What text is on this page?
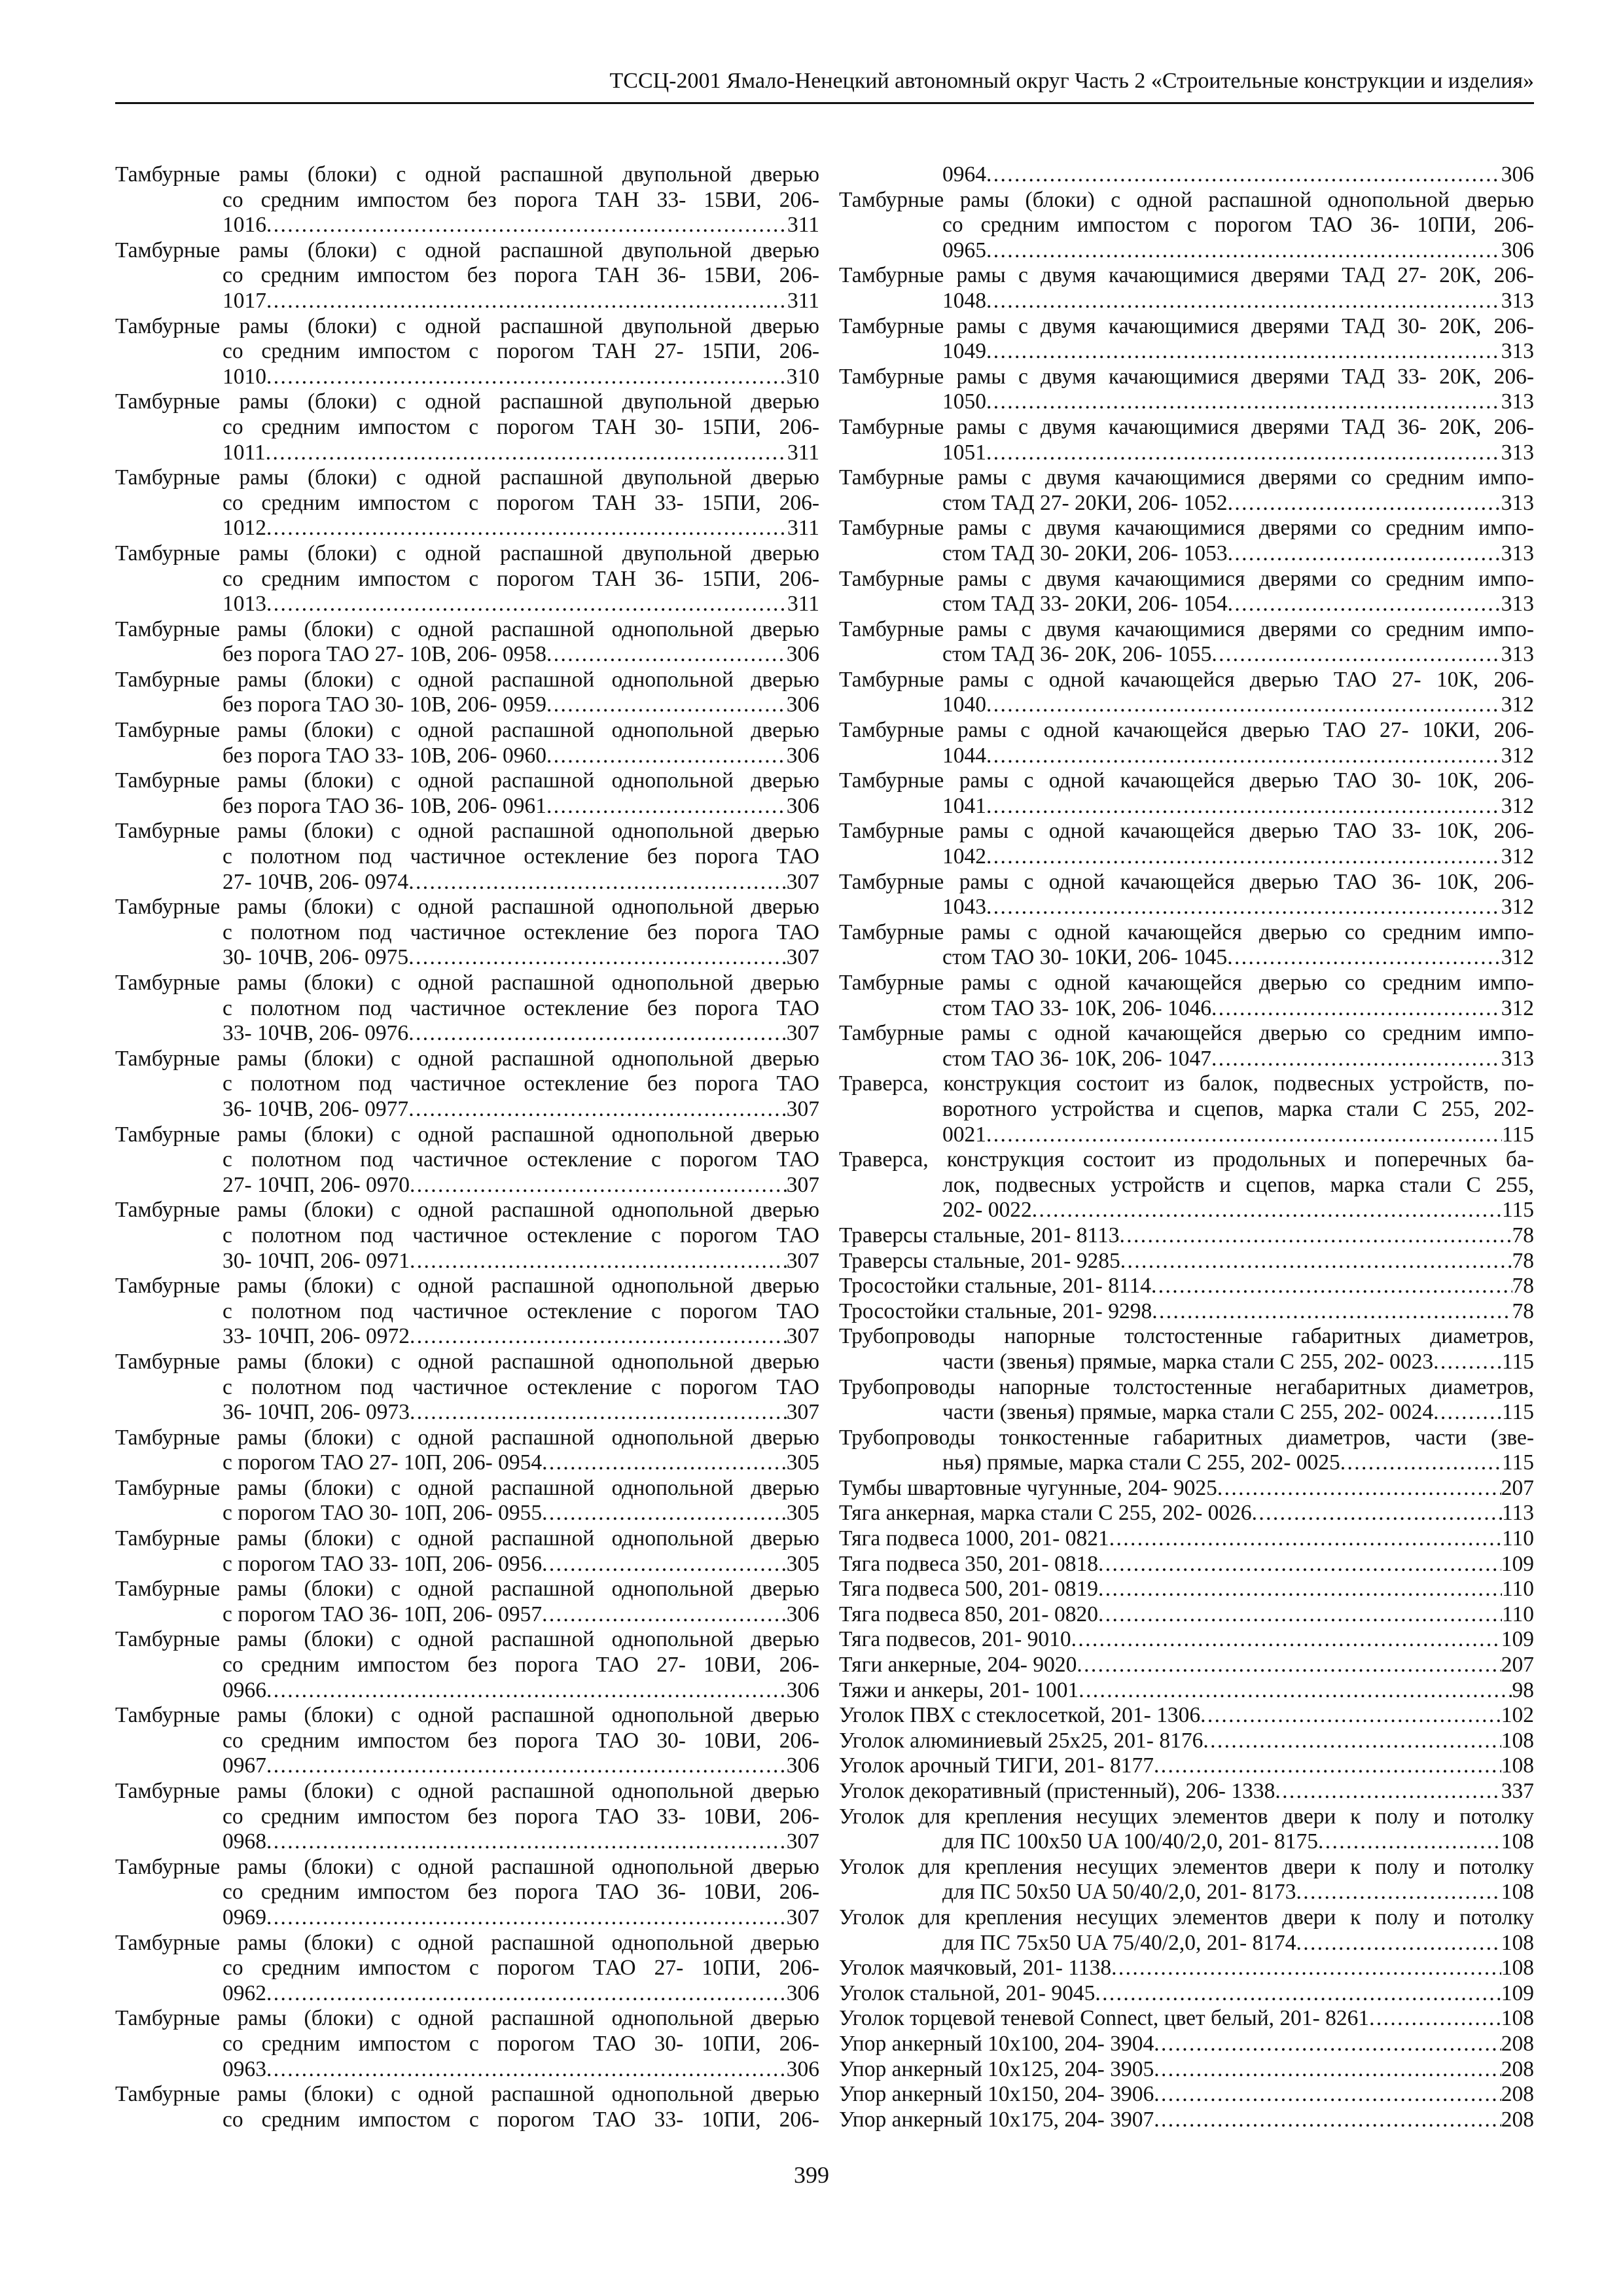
ТССЦ-2001 Ямало-Ненецкий автономный округ Часть 2 «Строительные конструкции и изделия»
Тамбурные рамы (блоки) с одной распашной двупольной дверью
со средним импостом без порога ТАН 33- 15ВИ, 206-
1016 . . .	311
Тамбурные рамы (блоки) с одной распашной двупольной дверью
со средним импостом без порога ТАН 36- 15ВИ, 206-
1017 . . .	311
Тамбурные рамы (блоки) с одной распашной двупольной дверью
со средним импостом с порогом ТАН 27- 15ПИ, 206-
1010 . . .	310
Тамбурные рамы (блоки) с одной распашной двупольной дверью
со средним импостом с порогом ТАН 30- 15ПИ, 206-
1011 . . .	311
Тамбурные рамы (блоки) с одной распашной двупольной дверью
со средним импостом с порогом ТАН 33- 15ПИ, 206-
1012 . . .	311
Тамбурные рамы (блоки) с одной распашной двупольной дверью
со средним импостом с порогом ТАН 36- 15ПИ, 206-
1013 . . .	311
Тамбурные рамы (блоки) с одной распашной однопольной дверью
без порога ТАО 27- 10В, 206- 0958 . . .	306
Тамбурные рамы (блоки) с одной распашной однопольной дверью
без порога ТАО 30- 10В, 206- 0959 . . .	306
Тамбурные рамы (блоки) с одной распашной однопольной дверью
без порога ТАО 33- 10В, 206- 0960 . . .	306
Тамбурные рамы (блоки) с одной распашной однопольной дверью
без порога ТАО 36- 10В, 206- 0961 . . .	306
Тамбурные рамы (блоки) с одной распашной однопольной дверью
с полотном под частичное остекление без порога ТАО
27- 10ЧВ, 206- 0974 . . .	307
Тамбурные рамы (блоки) с одной распашной однопольной дверью
с полотном под частичное остекление без порога ТАО
30- 10ЧВ, 206- 0975 . . .	307
Тамбурные рамы (блоки) с одной распашной однопольной дверью
с полотном под частичное остекление без порога ТАО
33- 10ЧВ, 206- 0976 . . .	307
Тамбурные рамы (блоки) с одной распашной однопольной дверью
с полотном под частичное остекление без порога ТАО
36- 10ЧВ, 206- 0977 . . .	307
Тамбурные рамы (блоки) с одной распашной однопольной дверью
с полотном под частичное остекление с порогом ТАО
27- 10ЧП, 206- 0970 . . .	307
Тамбурные рамы (блоки) с одной распашной однопольной дверью
с полотном под частичное остекление с порогом ТАО
30- 10ЧП, 206- 0971 . . .	307
Тамбурные рамы (блоки) с одной распашной однопольной дверью
с полотном под частичное остекление с порогом ТАО
33- 10ЧП, 206- 0972 . . .	307
Тамбурные рамы (блоки) с одной распашной однопольной дверью
с полотном под частичное остекление с порогом ТАО
36- 10ЧП, 206- 0973 . . .	307
Тамбурные рамы (блоки) с одной распашной однопольной дверью
с порогом ТАО 27- 10П, 206- 0954 . . .	305
Тамбурные рамы (блоки) с одной распашной однопольной дверью
с порогом ТАО 30- 10П, 206- 0955 . . .	305
Тамбурные рамы (блоки) с одной распашной однопольной дверью
с порогом ТАО 33- 10П, 206- 0956 . . .	305
Тамбурные рамы (блоки) с одной распашной однопольной дверью
с порогом ТАО 36- 10П, 206- 0957 . . .	306
Тамбурные рамы (блоки) с одной распашной однопольной дверью
со средним импостом без порога ТАО 27- 10ВИ, 206-
0966 . . .	306
Тамбурные рамы (блоки) с одной распашной однопольной дверью
со средним импостом без порога ТАО 30- 10ВИ, 206-
0967 . . .	306
Тамбурные рамы (блоки) с одной распашной однопольной дверью
со средним импостом без порога ТАО 33- 10ВИ, 206-
0968 . . .	307
Тамбурные рамы (блоки) с одной распашной однопольной дверью
со средним импостом без порога ТАО 36- 10ВИ, 206-
0969 . . .	307
Тамбурные рамы (блоки) с одной распашной однопольной дверью
со средним импостом с порогом ТАО 27- 10ПИ, 206-
0962 . . .	306
Тамбурные рамы (блоки) с одной распашной однопольной дверью
со средним импостом с порогом ТАО 30- 10ПИ, 206-
0963 . . .	306
Тамбурные рамы (блоки) с одной распашной однопольной дверью
со средним импостом с порогом ТАО 33- 10ПИ, 206-
0964 . . .	306
Тамбурные рамы (блоки) с одной распашной однопольной дверью
со средним импостом с порогом ТАО 36- 10ПИ, 206-
0965 . . .	306
Тамбурные рамы с двумя качающимися дверями ТАД 27- 20К, 206-
1048 . . .	313
Тамбурные рамы с двумя качающимися дверями ТАД 30- 20К, 206-
1049 . . .	313
Тамбурные рамы с двумя качающимися дверями ТАД 33- 20К, 206-
1050 . . .	313
Тамбурные рамы с двумя качающимися дверями ТАД 36- 20К, 206-
1051 . . .	313
Тамбурные рамы с двумя качающимися дверями со средним импо-
стом ТАД 27- 20КИ, 206- 1052 . . .	313
Тамбурные рамы с двумя качающимися дверями со средним импо-
стом ТАД 30- 20КИ, 206- 1053 . . .	313
Тамбурные рамы с двумя качающимися дверями со средним импо-
стом ТАД 33- 20КИ, 206- 1054 . . .	313
Тамбурные рамы с двумя качающимися дверями со средним импо-
стом ТАД 36- 20К, 206- 1055 . . .	313
Тамбурные рамы с одной качающейся дверью ТАО 27- 10К, 206-
1040 . . .	312
Тамбурные рамы с одной качающейся дверью ТАО 27- 10КИ, 206-
1044 . . .	312
Тамбурные рамы с одной качающейся дверью ТАО 30- 10К, 206-
1041 . . .	312
Тамбурные рамы с одной качающейся дверью ТАО 33- 10К, 206-
1042 . . .	312
Тамбурные рамы с одной качающейся дверью ТАО 36- 10К, 206-
1043 . . .	312
Тамбурные рамы с одной качающейся дверью со средним импо-
стом ТАО 30- 10КИ, 206- 1045 . . .	312
Тамбурные рамы с одной качающейся дверью со средним импо-
стом ТАО 33- 10К, 206- 1046 . . .	312
Тамбурные рамы с одной качающейся дверью со средним импо-
стом ТАО 36- 10К, 206- 1047 . . .	313
Траверса, конструкция состоит из балок, подвесных устройств, по-
воротного устройства и сцепов, марка стали С 255, 202-
0021 . . .	115
Траверса, конструкция состоит из продольных и поперечных ба-
лок, подвесных устройств и сцепов, марка стали С 255,
202- 0022 . . .	115
Траверсы стальные, 201- 8113 . . .	78
Траверсы стальные, 201- 9285 . . .	78
Тросостойки стальные, 201- 8114 . . .	78
Тросостойки стальные, 201- 9298 . . .	78
Трубопроводы напорные толстостенные габаритных диаметров,
части (звенья) прямые, марка стали С 255, 202- 0023 . . .	115
Трубопроводы напорные толстостенные негабаритных диаметров,
части (звенья) прямые, марка стали С 255, 202- 0024 . . .	115
Трубопроводы тонкостенные габаритных диаметров, части (зве-
нья) прямые, марка стали С 255, 202- 0025 . . .	115
Тумбы швартовные чугунные, 204- 9025 . . .	207
Тяга анкерная, марка стали С 255, 202- 0026 . . .	113
Тяга подвеса 1000, 201- 0821 . . .	110
Тяга подвеса 350, 201- 0818 . . .	109
Тяга подвеса 500, 201- 0819 . . .	110
Тяга подвеса 850, 201- 0820 . . .	110
Тяга подвесов, 201- 9010 . . .	109
Тяги анкерные, 204- 9020 . . .	207
Тяжи и анкеры, 201- 1001 . . .	98
Уголок ПВХ с стеклосеткой, 201- 1306 . . .	102
Уголок алюминиевый 25x25, 201- 8176 . . .	108
Уголок арочный ТИГИ, 201- 8177 . . .	108
Уголок декоративный (пристенный), 206- 1338 . . .	337
Уголок для крепления несущих элементов двери к полу и потолку
для ПС 100x50 UA 100/40/2,0, 201- 8175 . . .	108
Уголок для крепления несущих элементов двери к полу и потолку
для ПС 50x50 UA 50/40/2,0, 201- 8173 . . .	108
Уголок для крепления несущих элементов двери к полу и потолку
для ПС 75x50 UA 75/40/2,0, 201- 8174 . . .	108
Уголок маячковый, 201- 1138 . . .	108
Уголок стальной, 201- 9045 . . .	109
Уголок торцевой теневой Connect, цвет белый, 201- 8261 . . .	108
Упор анкерный 10x100, 204- 3904 . . .	208
Упор анкерный 10x125, 204- 3905 . . .	208
Упор анкерный 10x150, 204- 3906 . . .	208
Упор анкерный 10x175, 204- 3907 . . .	208
399
